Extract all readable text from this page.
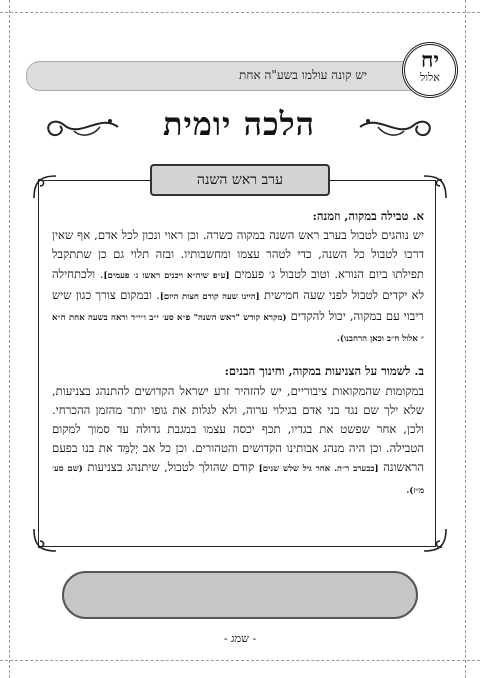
יש קונה עולמו בשע"ה אחת
יח
אלול
הלכה יומית
ערב ראש השנה

א. טבילה במקוה, וזמנה:
יש נוהגים לטבול בערב ראש השנה במקוה כשרה. וכן ראוי ונכון לכל אדם, אף שאין דרכו לטבול כל השנה, כדי לטהר עצמו ומחשבותיו. ובזה תלוי גם כן שתתקבל תפילתו ביום הנורא. וטוב לטבול ג׳ פעמים [ע״פ שיה״א ויכנים ראשו ג׳ פעמים]. ולכתחילה לא יקדים לטבול לפני שעה חמישית [היינו שעה קודם חצות היום]. ובמקום צורך כגון שיש ריבוי עם במקוה, יכול להקדים (מקרא קודש "ראש השנה" פ״א סע׳ י״ב ו״י״ד וראה בשעה אחת ח״א ״ אלול ח״ב וכאן הרחבנו).

ב. לשמור על הצניעות במקוה, וחינוך הבנים:
במקומות שהמקואות ציבוריים, יש להזהיר זרע ישראל הקדושים להתנהג בצניעות, שלא ילך שם נגד בני אדם בגילוי ערוה, ולא לגלות את גופו יותר מהזמן ההכרחי. ולכן, אחר שפשט את בגדיו, תכף יכסה עצמו במגבת גדולה עד סמוך למקום הטבילה. וכן היה מנהג אבותינו הקדושים והטהורים. וכן כל אב יְלַמֵּד את בנו בפעם הראשונה [כבערב ר״ה. אחר גיל שלש שנים] קודם שהולך לטבול, שיתנהג בצניעות (שם סע׳ מ״ז).

- שמג -
